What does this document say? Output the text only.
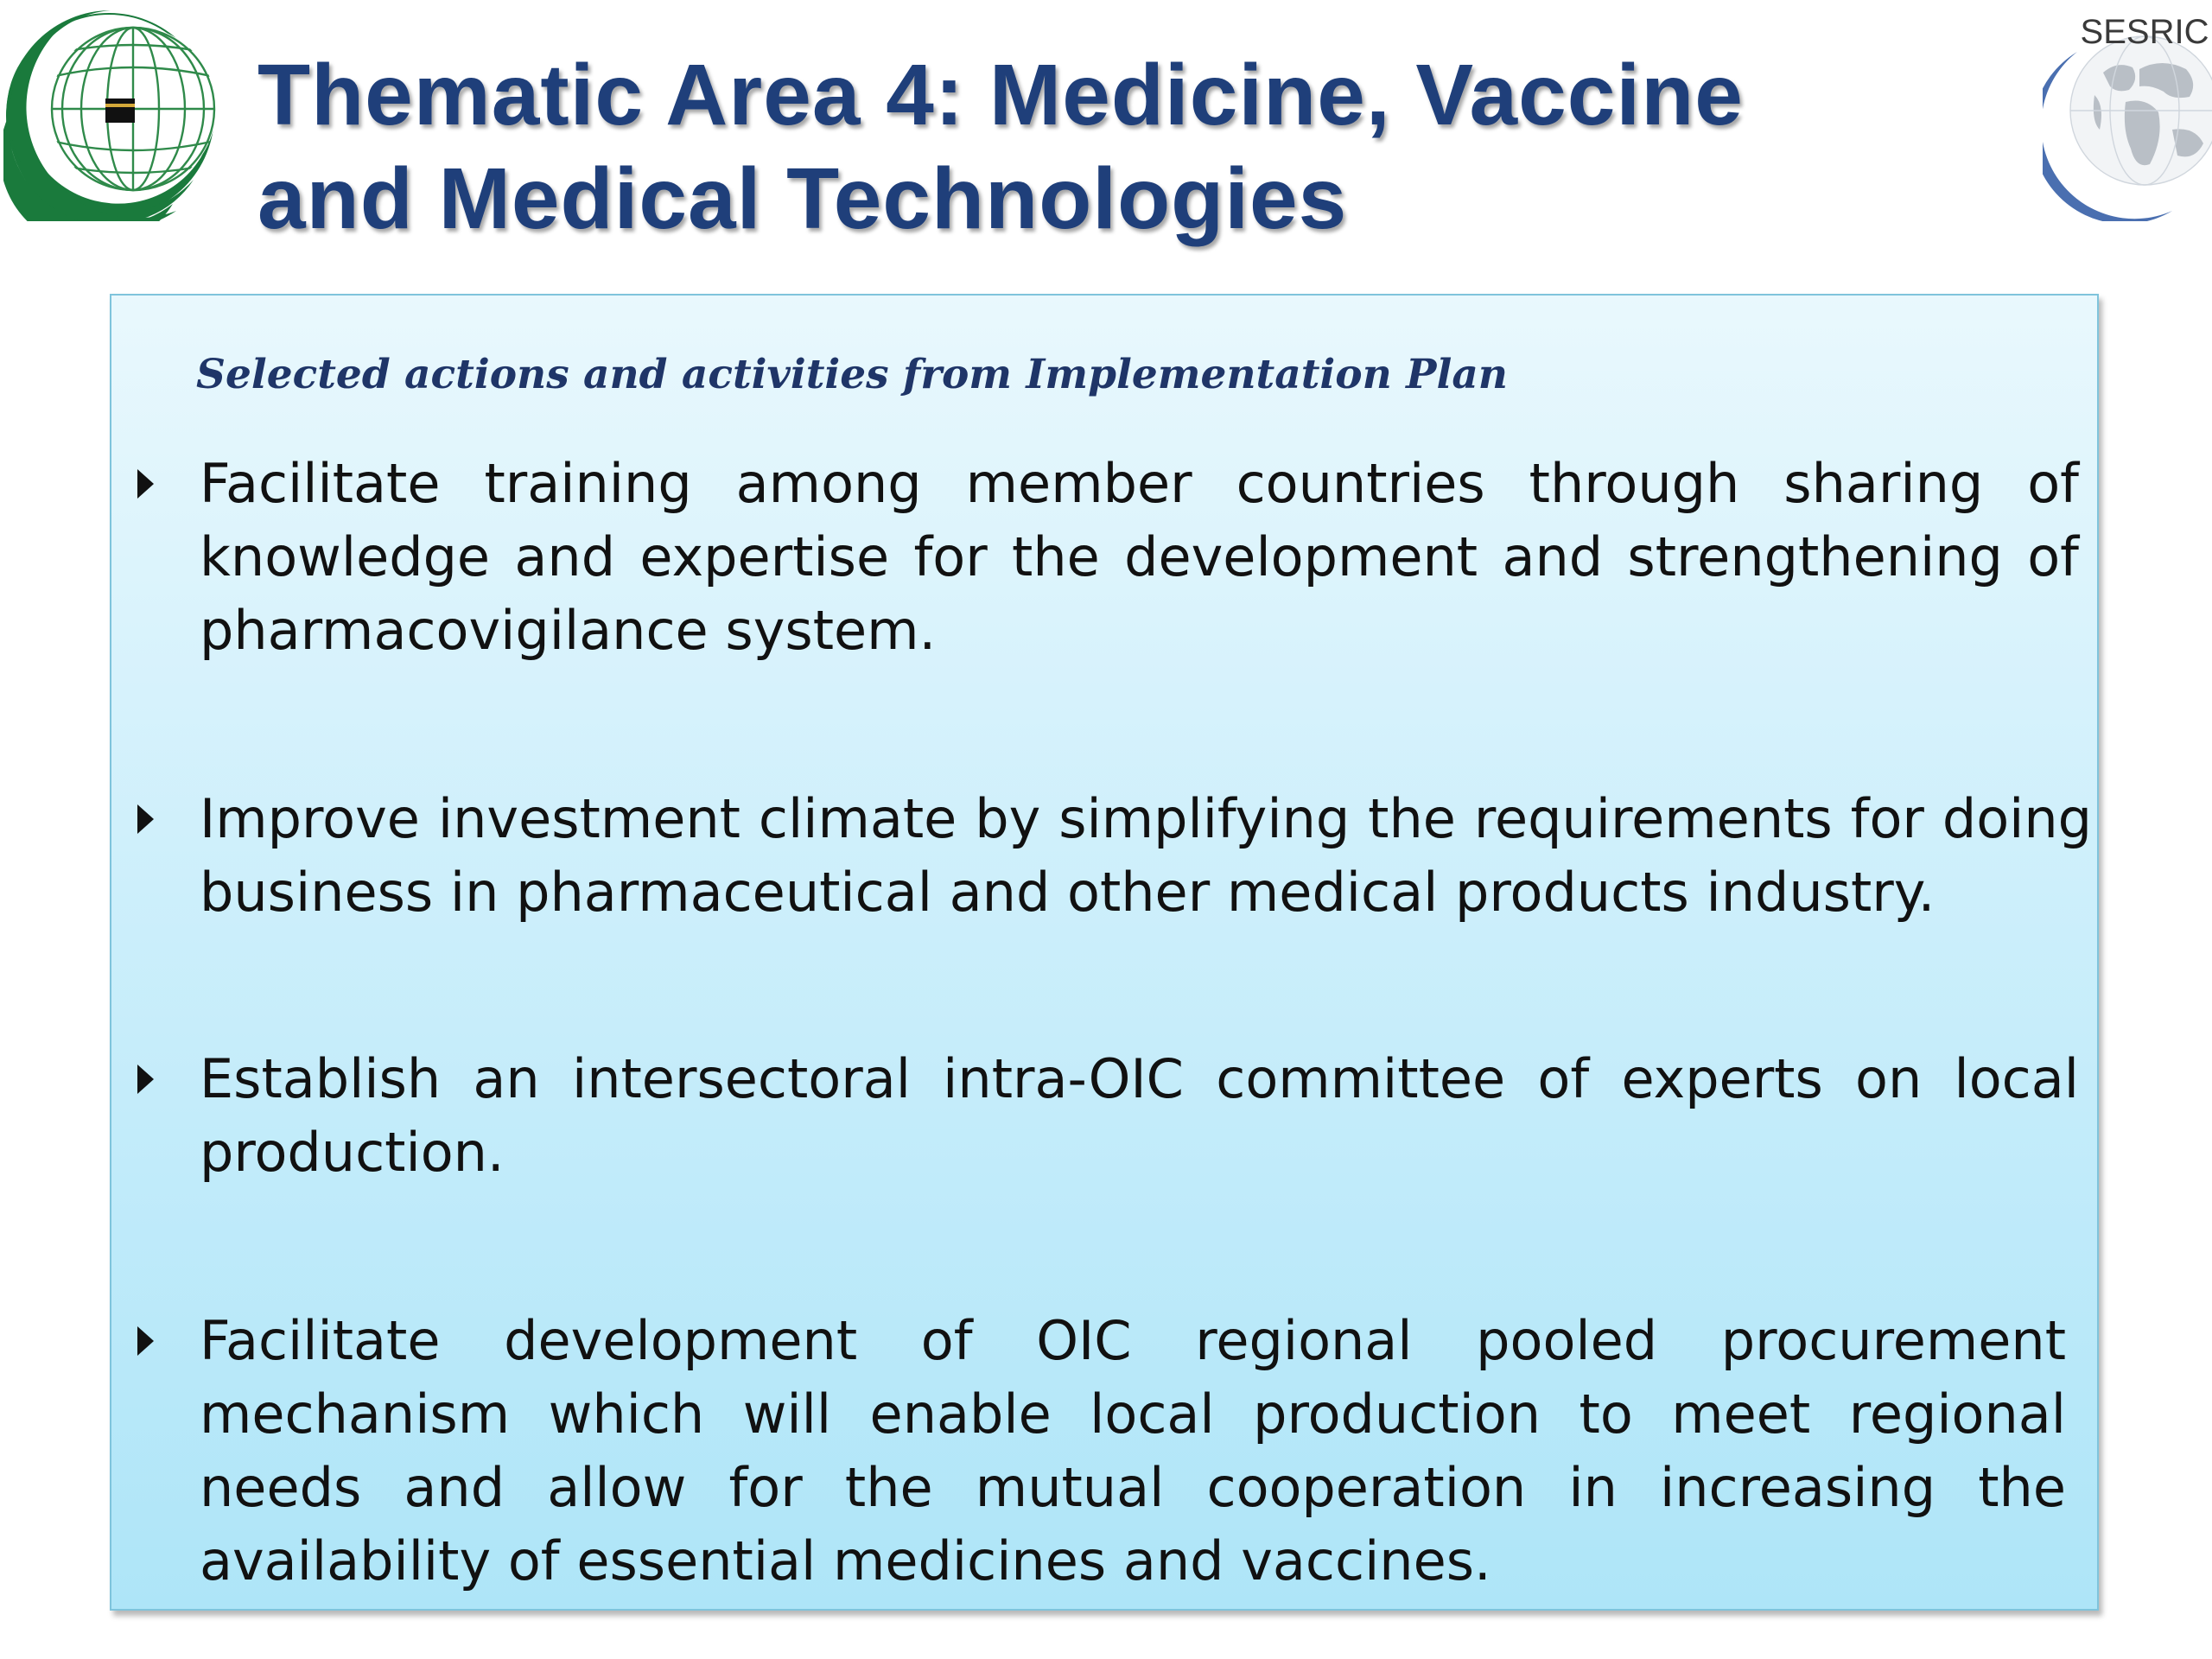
Thematic Area 4: Medicine, Vaccine
and Medical Technologies
SESRIC

Selected actions and activities from Implementation Plan

Facilitate training among member countries through sharing of knowledge and expertise for the development and strengthening of pharmacovigilance system.

Improve investment climate by simplifying the requirements for doing business in pharmaceutical and other medical products industry.

Establish an intersectoral intra-OIC committee of experts on local production.

Facilitate development of OIC regional pooled procurement mechanism which will enable local production to meet regional needs and allow for the mutual cooperation in increasing the availability of essential medicines and vaccines.
